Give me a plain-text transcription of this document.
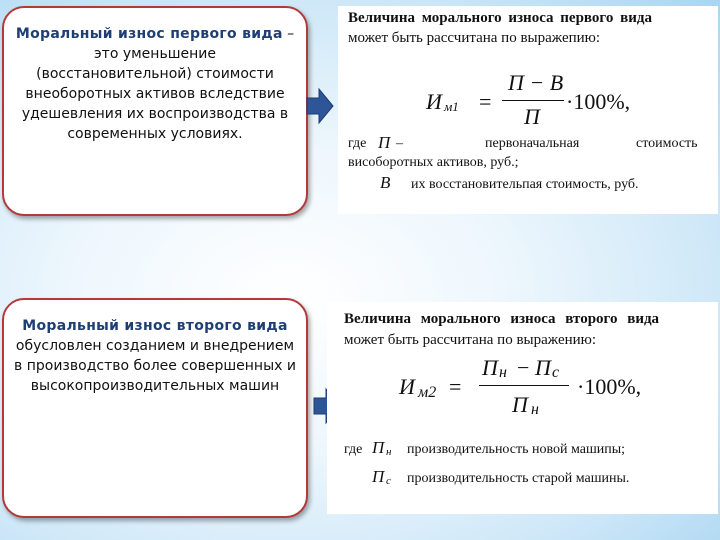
Моральный износ первого вида – это уменьшение (восстановительной) стоимости внеоборотных активов вследствие удешевления их воспроизводства в современных условиях.
Величина морального износа первого вида
может быть рассчитана по выражепию:
И м1 =
П − В
П
·100%,
где П –	первоначальная	стоимость
висоборотных активов, руб.;
В их восстановительпая стоимость, руб.
Моральный износ второго вида обусловлен созданием и внедрением в производство более совершенных и высокопроизводительных машин
Величина морального износа второго вида
может быть рассчитана по выражению:
И м2 =
П н − П с
П н
·100%,
где П н производительность новой машипы;
П с производительность старой машины.
